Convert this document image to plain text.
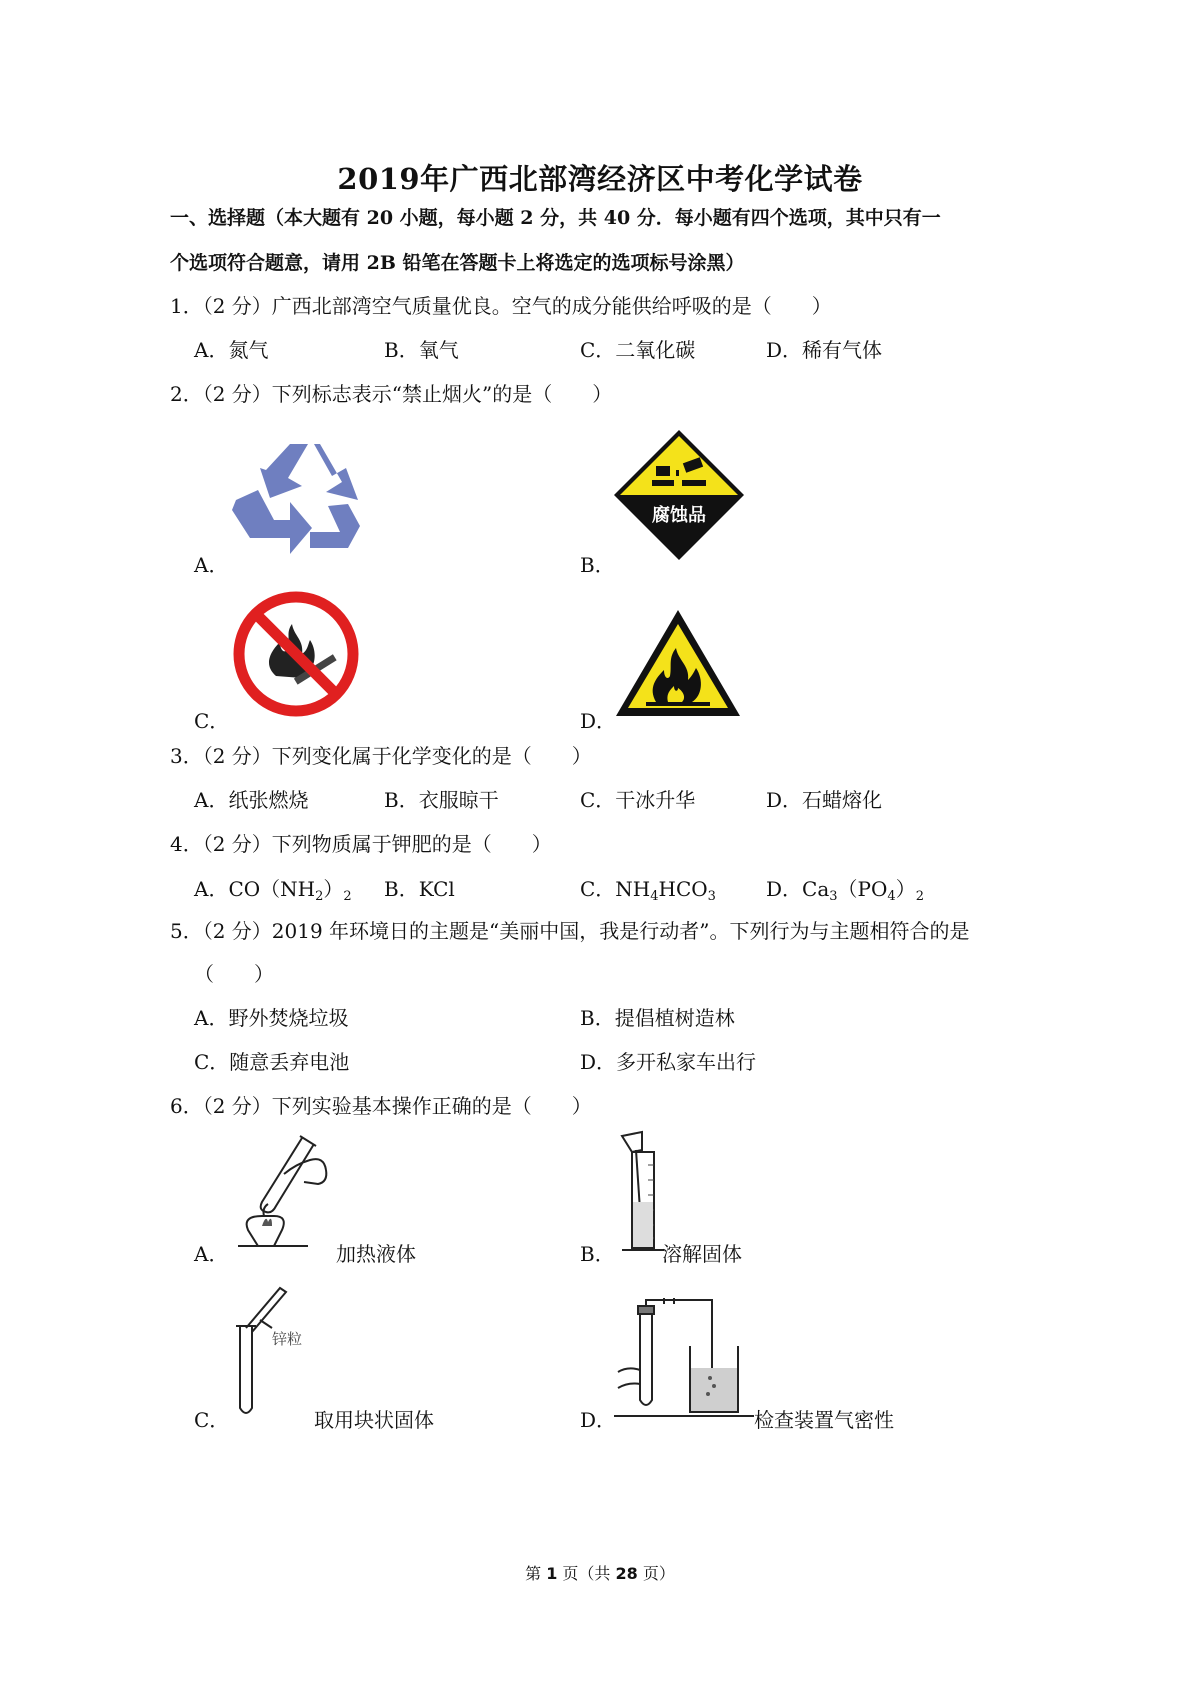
2019年广西北部湾经济区中考化学试卷
一、选择题（本大题有 20 小题，每小题 2 分，共 40 分．每小题有四个选项，其中只有一
个选项符合题意，请用 2B 铅笔在答题卡上将选定的选项标号涂黑）
1．（2 分）广西北部湾空气质量优良。空气的成分能供给呼吸的是（　　）
A．氮气	B．氧气	C．二氧化碳	D．稀有气体
2．（2 分）下列标志表示“禁止烟火”的是（　　）
A．	B．
腐蚀品
C．	D．
3．（2 分）下列变化属于化学变化的是（　　）
A．纸张燃烧	B．衣服晾干	C．干冰升华	D．石蜡熔化
4．（2 分）下列物质属于钾肥的是（　　）
A．$CO(NH_2)_2$ B．KCl	C．$NH_4HCO_3$	D．$Ca_3(PO_4)_2$
5．（2 分）2019 年环境日的主题是“美丽中国，我是行动者”。下列行为与主题相符合的是
（　　）
A．野外焚烧垃圾	B．提倡植树造林
C．随意丢弃电池	D．多开私家车出行
6．（2 分）下列实验基本操作正确的是（　　）
A．	加热液体	B． 溶解固体
C．
锌粒
取用块状固体	D．	检查装置气密性
第 1 页（共 28 页）
